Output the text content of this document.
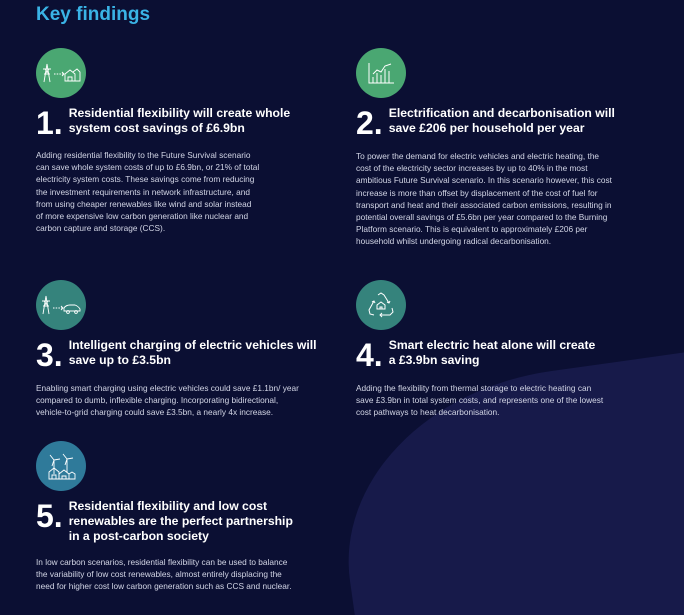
Key findings
1. Residential flexibility will create whole
system cost savings of £6.9bn
Adding residential flexibility to the Future Survival scenario
can save whole system costs of up to £6.9bn, or 21% of total
electricity system costs. These savings come from reducing
the investment requirements in network infrastructure, and
from using cheaper renewables like wind and solar instead
of more expensive low carbon generation like nuclear and
carbon capture and storage (CCS).
2. Electrification and decarbonisation will
save £206 per household per year
To power the demand for electric vehicles and electric heating, the
cost of the electricity sector increases by up to 40% in the most
ambitious Future Survival scenario. In this scenario however, this cost
increase is more than offset by displacement of the cost of fuel for
transport and heat and their associated carbon emissions, resulting in
potential overall savings of £5.6bn per year compared to the Burning
Platform scenario. This is equivalent to approximately £206 per
household whilst undergoing radical decarbonisation.
3. Intelligent charging of electric vehicles will
save up to £3.5bn
Enabling smart charging using electric vehicles could save £1.1bn/ year
compared to dumb, inflexible charging. Incorporating bidirectional,
vehicle-to-grid charging could save £3.5bn, a nearly 4x increase.
4. Smart electric heat alone will create
a £3.9bn saving
Adding the flexibility from thermal storage to electric heating can
save £3.9bn in total system costs, and represents one of the lowest
cost pathways to heat decarbonisation.
5. Residential flexibility and low cost
renewables are the perfect partnership
in a post-carbon society
In low carbon scenarios, residential flexibility can be used to balance
the variability of low cost renewables, almost entirely displacing the
need for higher cost low carbon generation such as CCS and nuclear.
